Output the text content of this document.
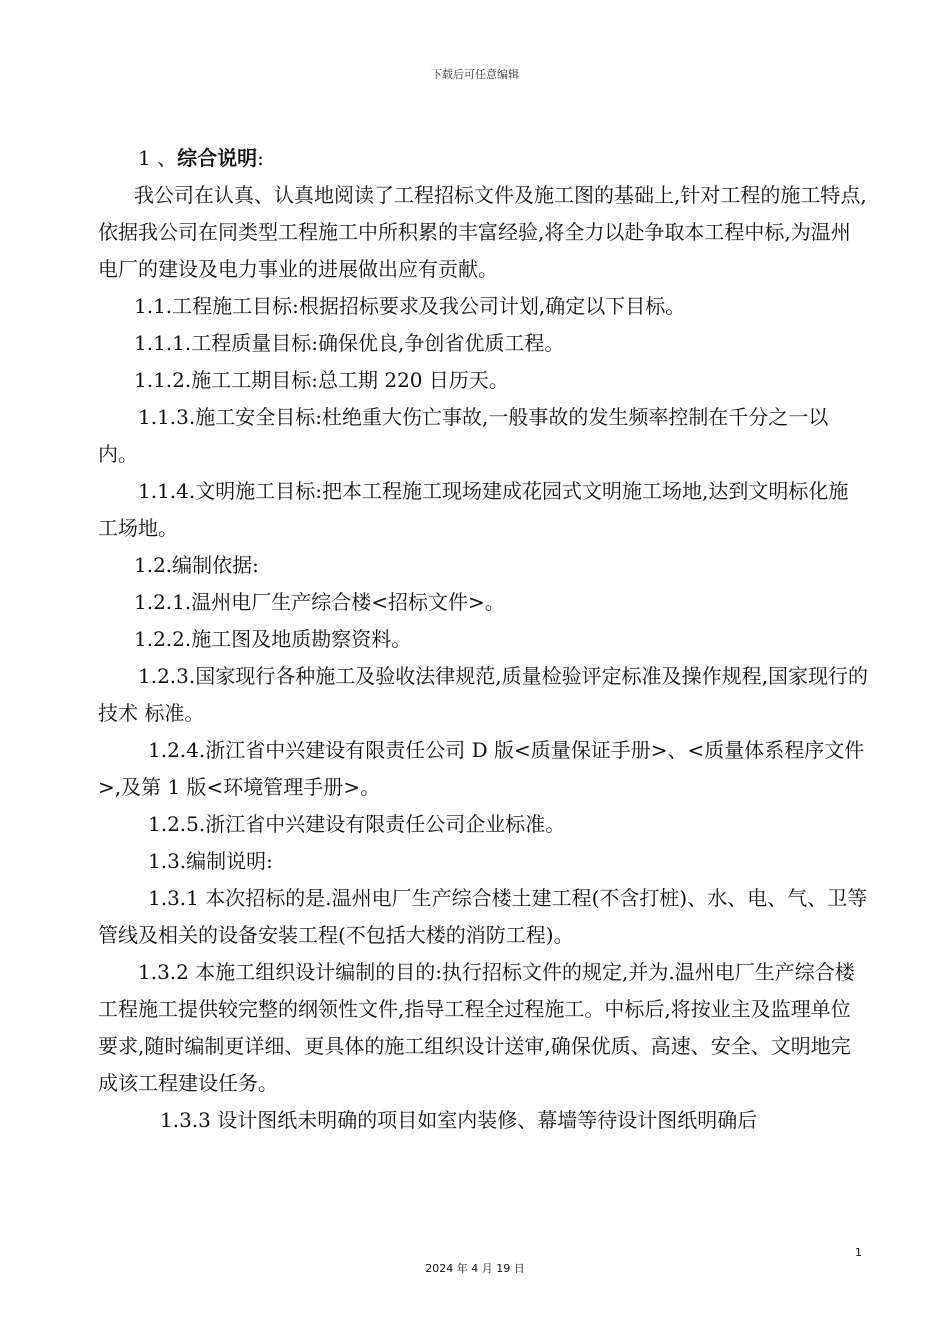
下载后可任意编辑

1 、综合说明:

我公司在认真、认真地阅读了工程招标文件及施工图的基础上,针对工程的施工特点,依据我公司在同类型工程施工中所积累的丰富经验,将全力以赴争取本工程中标,为温州电厂的建设及电力事业的进展做出应有贡献。

1.1.工程施工目标:根据招标要求及我公司计划,确定以下目标。

1.1.1.工程质量目标:确保优良,争创省优质工程。

1.1.2.施工工期目标:总工期 220 日历天。

1.1.3.施工安全目标:杜绝重大伤亡事故,一般事故的发生频率控制在千分之一以内。

1.1.4.文明施工目标:把本工程施工现场建成花园式文明施工场地,达到文明标化施工场地。

1.2.编制依据:

1.2.1.温州电厂生产综合楼<招标文件>。

1.2.2.施工图及地质勘察资料。

1.2.3.国家现行各种施工及验收法律规范,质量检验评定标准及操作规程,国家现行的技术 标准。

1.2.4.浙江省中兴建设有限责任公司 D 版<质量保证手册>、<质量体系程序文件>,及第 1 版<环境管理手册>。

1.2.5.浙江省中兴建设有限责任公司企业标准。

1.3.编制说明:

1.3.1 本次招标的是.温州电厂生产综合楼土建工程(不含打桩)、水、电、气、卫等管线及相关的设备安装工程(不包括大楼的消防工程)。

1.3.2 本施工组织设计编制的目的:执行招标文件的规定,并为.温州电厂生产综合楼工程施工提供较完整的纲领性文件,指导工程全过程施工。中标后,将按业主及监理单位要求,随时编制更详细、更具体的施工组织设计送审,确保优质、高速、安全、文明地完成该工程建设任务。

1.3.3 设计图纸未明确的项目如室内装修、幕墙等待设计图纸明确后

1
2024 年 4 月 19 日
